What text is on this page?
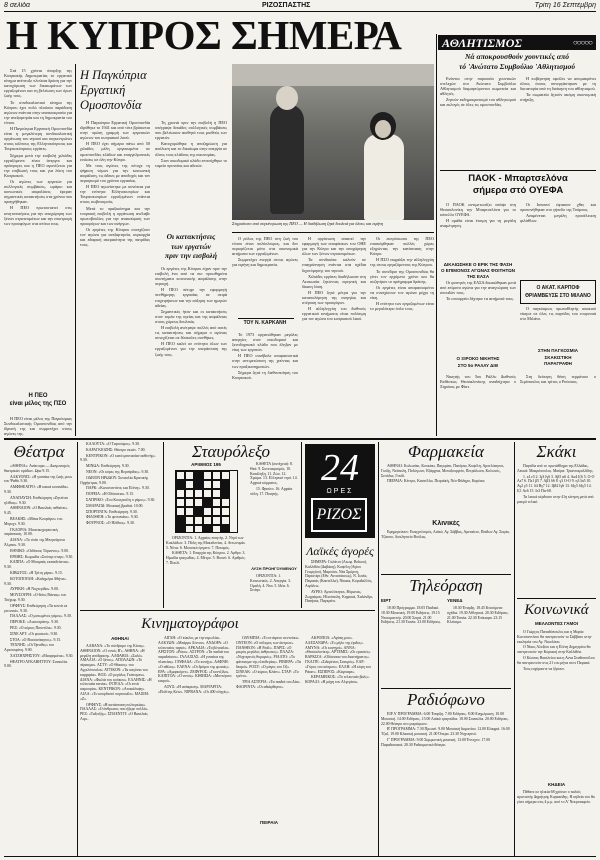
8 σελίδα	ΡΙΖΟΣΠΑΣΤΗΣ	Τρίτη 16 Σεπτέμβρη
Η ΚΥΠΡΟΣ ΣΗΜΕΡΑ	ΑΘΛΗΤΙΣΜΟΣ	○○○○○
Νά αποκρουσθούν χουντικές από
τό 'Ανώτατο Συμβούλιο 'Αθλητισμού

Στά 15 χρόνια ύπαρξης της Κυπριακής Δημοκρατίας το εργατικό κίνημα ανέπτυξε πλούσια δράση για την κατοχύρωση των δικαιωμάτων των εργαζομένων και τη βελτίωση των όρων ζωής τους.

Το συνδικαλιστικό κίνημα της Κύπρου έχει πολύ πλούσια παράδοση αγώνων ενάντια στην αποικιοκρατία για την ανεξαρτησία και τη δημοκρατία του τόπου.

Η Παγκύπρια Εργατική Ομοσπονδία είναι η μεγαλύτερη συνδικαλιστική οργάνωση του νησιού και συγκεντρώνει στους κόλπους της Ελληνοκύπριους και Τουρκοκύπριους εργάτες.

Σήμερα μετά την εισβολή χιλιάδες εργαζόμενοι είναι άνεργοι και πρόσφυγες και η ΠΕΟ αγωνίζεται για την επιβίωσή τους και για λύση του Κυπριακού.

Οι αγώνες των εργατών για συλλογικές συμβάσεις, ωράριο και κοινωνικές ασφαλίσεις έφεραν σημαντικές κατακτήσεις στα χρόνια που προηγήθηκαν.

Η ΠΕΟ πρωτοστατεί στις κινητοποιήσεις για την αποχώρηση των ξένων στρατευμάτων και την επιστροφή των προσφύγων στα σπίτια τους.

Η ΠΕΟ
είναι μέλος της ΠΣΟ

Η ΠΕΟ είναι μέλος της Παγκόσμιας Συνδικαλιστικής Ομοσπονδίας από την ίδρυσή της και συμμετέχει στους αγώνες της.

Η Παγκύπρια
Εργατική
Ομοσπονδία

Η Παγκύπρια Εργατική Ομοσπονδία ιδρύθηκε το 1941 και από τότε βρίσκεται στην πρώτη γραμμή των εργατικών αγώνων του κυπριακού λαού.

Η ΠΕΟ έχει σήμερα πάνω από 50 χιλιάδες μέλη οργανωμένα σε ομοσπονδίες κλάδων και επαγγελματικές ενώσεις σε όλη την Κύπρο.

Με τους αγώνες της πέτυχε τη ψήφιση νόμων για την κοινωνική ασφάλιση, τις άδειες με αποδοχές και τον περιορισμό του χρόνου εργασίας.

Η ΠΕΟ αγωνίστηκε με συνέπεια για την ενότητα Ελληνοκυπρίων και Τουρκοκυπρίων εργαζομένων ενάντια στους σωβινισμούς.

Μετά το πραξικόπημα και την τουρκική εισβολή η οργάνωση ανέλαβε πρωτοβουλίες για την ανακούφιση των προσφύγων και των ανέργων.

Οι εργάτες της Κύπρου συνεχίζουν τον αγώνα για ανεξαρτησία, κυριαρχία και εδαφική ακεραιότητα της πατρίδας τους.

Τη χρονιά πριν την εισβολή η ΠΕΟ υπέγραψε δεκάδες συλλογικές συμβάσεις που βελτίωσαν αισθητά τους μισθούς των εργατών.

Κατοχυρώθηκε η αποζημίωση για απόλυση και το δικαίωμα στην απεργία σε όλους τους κλάδους της οικονομίας.

Στον οικοδομικό κλάδο επιτεύχθηκε το ταμείο προνοίας και αδειών.

Οι κατακτήσεις
των εργατών
πριν την εισβολή

Οι εργάτες της Κύπρου είχαν πριν την εισβολή ένα από τα πιο προωθημένα συστήματα κοινωνικής ασφάλισης στην περιοχή.

Η ΠΕΟ πέτυχε την εφαρμογή πενθήμερης εργασίας σε σειρά επιχειρήσεων και την αύξηση των ημερών αδείας.

Σημαντικές ήταν και οι κατακτήσεις στον τομέα της υγείας και της ασφάλειας στους χώρους δουλειάς.

Η εισβολή ανέτρεψε πολλές από αυτές τις κατακτήσεις και σήμερα ο αγώνας συνεχίζεται σε δύσκολες συνθήκες.

Η ΠΕΟ καλεί σε ενότητα όλων των εργαζομένων για την υπεράσπιση της ζωής τους.

Στιγμιότυπο από συγκέντρωση της ΠΕΟ — Η διαδήλωση ζητά δουλειά για όλους και ειρήνη

Ο ρόλος της ΠΕΟ στη ζωή του τόπου είναι πολύπλευρος, και δεν περιορίζεται μόνο στα οικονομικά αιτήματα των εργαζομένων.

Συμμετέχει ενεργά στους αγώνες για ειρήνη και δημοκρατία.

ΤΟΥ Ν. ΚΑΡΚΑΝΗ

Το 1973 οργανώθηκαν μεγάλες απεργίες στον οικοδομικό και ξενοδοχειακό κλάδο που έληξαν με νίκη των εργατών.

Η ΠΕΟ συνέβαλε αποφασιστικά στην αντιμετώπιση της χούντας και των πραξικοπηματιών.

Σήμερα ζητά τη διεθνοποίηση του Κυπριακού.

Η οργάνωση απαιτεί την εφαρμογή των αποφάσεων του ΟΗΕ για την Κύπρο και την αποχώρηση όλων των ξένων στρατευμάτων.

Τα συνδικάτα καλούν σε επαγρύπνηση ενάντια στα σχέδια διχοτόμησης του νησιού.

Χιλιάδες εργάτες διαδήλωσαν στη Λευκωσία ζητώντας ειρηνική και δίκαιη λύση.

Η ΠΕΟ ζητά μέτρα για την καταπολέμηση της ανεργίας και στέγαση των προσφύγων.

Η αλληλεγγύη του διεθνούς εργατικού κινήματος είναι πολύτιμη για τον αγώνα του κυπριακού λαού.

Οι εκπρόσωποι της ΠΕΟ επισκέφθηκαν πολλές χώρες εξηγώντας την κατάσταση στην Κύπρο.

Η ΠΣΟ εκφράζει την αλληλεγγύη της στους εργαζόμενους της Κύπρου.

Το συνέδριο της Ομοσπονδίας θα γίνει τον ερχόμενο χρόνο και θα συζητήσει το πρόγραμμα δράσης.

Οι εργάτες είναι αποφασισμένοι να συνεχίσουν τον αγώνα μέχρι τη νίκη.

Η ενότητα των εργαζομένων είναι το μεγαλύτερο όπλο τους.

Ενάντια στην παρουσία χουντικών στελεχών στο Ανώτατο Συμβούλιο Αθλητισμού διαμαρτύρονται σωματεία και αθλητές.

Ζητούν εκδημοκρατισμό του αθλητισμού και εκλογές σε όλες τις ομοσπονδίες.

Η κυβέρνηση οφείλει να απομακρύνει όλους όσους συνεργάστηκαν με τη δικτατορία από τη διοίκηση του αθλητισμού.

Τα σωματεία ζητούν ακόμη οικονομική στήριξη.

ΠΑΟΚ - Μπαρτσελόνα
σήμερα στό ΟΥΕΦΑ

Ο ΠΑΟΚ αντιμετωπίζει απόψε στη Θεσσαλονίκη την Μπαρτσελόνα για το κύπελλο ΟΥΕΦΑ.

Η ομάδα είναι έτοιμη για τη μεγάλη αναμέτρηση.

Οι Ισπανοί έφτασαν χθες και προπονήθηκαν στο γήπεδο της Τούμπας.

Αναμένεται μεγάλη προσέλευση φιλάθλων.

ΔΙΚΑΙΩΣΗΚΕ Ο ΕΡΙΚ ΤΗΣ ΦΑΣΗ
Ο ΕΠΙΜΟΝΟΣ ΑΓΩΝΑΣ ΦΟΙΤΗΤΩΝ ΤΗΣ ΕΑΣΑ

Οι φοιτητές της ΕΑΣΑ δικαιώθηκαν μετά από επίμονο αγώνα για την αναγνώριση των σπουδών τους.

Το υπουργείο δέχτηκε τα αιτήματά τους.

Ο ΑΚΑΤ. ΚΑΡΠΟΦ
ΘΡΙΑΜΒΕΥΣΕ ΣΤΟ ΜΙΛΑΝΟ

Ο παγκόσμιος πρωταθλητής σκακιού νίκησε σε όλες τις παρτίδες του τουρνουά στο Μιλάνο.

ΣΤΗΝ ΠΑΓΚΟΣΜΙΑ
ΣΚΑΚΙΣΤΙΚΗ
ΠΑΡΑΓΡΑΦΗ
Ο ΞΙΡΟΚΟ ΝΙΚΗΤΗΣ
ΣΤΟ 5ο ΡΑΛΛΥ ΔΙΘ

Νικητής του 5ου Ράλλυ Διεθνούς Εκθέσεως Θεσσαλονίκης αναδείχτηκε ο Ξηρόκος με Φίατ.

Στη δεύτερη θέση τερμάτισε ο Σιμόπουλος και τρίτος ο Ρούσσος.

Θέατρα

«ΑΘΗΝΑ»: Ανάκτορα — Διαγωνισμός θεατρικών ομάδων. Ωρα 9.15.

ΑΛΚΥΟΝΙΣ: «Η γυναίκα της ζωής μου» του Ψαθά. 9.30.

ΑΜΦΙΘΕΑΤΡΟ: «Η κακιά κουνιάδα». 9.30.

ΑΝΑΠΑΥΣΗ: Επιθεώρηση «Ζητείται ηλίθιος». 9.30.

ΑΘΗΝΑΙΟΝ: «Ο Βασιλιάς πεθαίνει». 9.45.

ΒΕΑΚΗΣ: «Μάνα Κουράγιο» του Μπρεχτ. 9.30.

ΓΚΛΟΡΙΑ: Μουσικοχορευτική παράσταση. 10.00.

ΔΙΑΝΑ: «Το σπίτι της Μπερνάρντα Άλμπα». 9.30.

ΕΘΝΙΚΟ: «Οιδίπους Τύραννος». 9.00.

ΕΡΜΗΣ: Κωμωδία «Σούπερ σταρ». 9.30.

ΚΑΠΠΑ: «Ο Μπαμπάς εκπαιδεύεται». 9.30.

ΚΙΒΩΤΟΣ: «Η Τρίτη μέρα». 9.15.

ΚΟΤΟΠΟΥΛΗ: «Καλημέρα Αθήνα». 9.30.

ΛΥΡΙΚΗ: «Η Νυχτερίδα». 9.00.

ΜΟΥΣΟΥΡΗ: «Ο θείος Βάνιας» του Τσέχωφ. 9.30.

ΟΡΦΕΥΣ: Επιθεώρηση «Τα κοντά σε γειτονιά». 9.30.

ΠΑΛΛΑΣ: «Ο ματωμένος γάμος». 9.30.

ΠΕΡΟΚΕ: «Λυσιστράτη». 9.30.

ΡΕΞ: «Ο κύριος Πουντίλα». 9.30.

ΣΙΝΕ ΑΡΤ: «Οι φυσικοί». 9.30.

ΣΤΟΑ: «Ο Βυσσινόκηπος». 9.15.

ΤΕΧΝΗΣ: «Οι Όρνιθες» του Αριστοφάνη. 9.00.

ΧΑΤΖΗΧΡΗΣΤΟΥ: «Μαυρομάτα». 9.30.

ΘΕΑΤΡΟ ΛΥΚΑΒΗΤΤΟΥ: Συναυλία. 9.00.

ΚΑΛΟΥΤΑ: «Ο Ταρτούφος». 9.30.

ΚΑΡΑΓΚΙΟΖΗΣ: Θέατρο σκιών. 7.00.

ΚΕΝΤΡΙΚΟΝ: «Ο κατά φαντασίαν ασθενής». 9.30.

ΜΙΝΩΑ: Επιθεώρηση. 9.30.

ΝΕΟΝ: «Οι κόρες της Βερνάρδας». 9.30.

ΟΔΕΙΟΝ ΗΡΩΔΟΥ: Συναυλία Κρατικής Ορχήστρας. 9.00.

ΠΑΡΚ: «Κωνσταντίνος και Ελένη». 9.30.

ΠΟΡΕΙΑ: «Η Οδύσσεια». 9.15.

ΣΑΤΙΡΙΚΟ: «Του Κουτρούλη ο γάμος». 9.30.

ΣΜΑΡΑΓΔΙ: Μουσική βραδιά. 10.00.

ΣΠΟΡΤΙΝΓΚ: Επιθεώρηση. 9.30.

ΦΙΛΟΘΕΗ: «Το φιντανάκι». 9.30.

ΦΟΥΡΝΟΣ: «Ο Ηλίθιος». 9.30.

Σταυρόλεξο
ΑΡΙΘΜΟΣ 195

ΟΡΙΖΟΝΤΙΑ: 1. Αρχαίος ποιητής. 2. Νησί των Κυκλάδων. 3. Πόλη της Μακεδονίας. 4. Αντωνυμία. 5. Νότα. 6. Μουσικό όργανο. 7. Ποταμός.

ΚΑΘΕΤΑ: 1. Επαρχία της Κύπρου. 2. Αρθρο. 3. Ηρωίδα τραγωδίας. 4. Μέτρο. 5. Βουνό. 6. Αριθμός. 7. Πουλί.

ΚΑΘΕΤΑ (συνέχεια): 8. Θεά. 9. Συνεταιρισμός. 10. Κατάληξη. 11. Ζώο. 12. Χρώμα. 13. Ελληνικό νησί. 14. Αρχικά κόμματος.

15. Φρούτο. 16. Αρχαία πόλη. 17. Ποιητής.

ΛΥΣΗ ΠΡΟΗΓΟΥΜΕΝΟΥ

ΟΡΙΖΟΝΤΙΑ: 1. Κοινωνικός. 2. Απεργία. 3. Ομαλή. 4. Ντα. 5. Ιδέα. 6. Σιτάρι.

24
ΩΡΕΣ
ΡΙΖΟΣ
Λαϊκές άγορές

ΣΗΜΕΡΑ: Γαλάτσι (Λεωφ. Βεΐκου), Καλλιθέα (Δαβάκη), Κυψέλη (Αγίου Γεωργίου), Μαρούσι, Νέα Σμύρνη, Περιστέρι (Εθν. Αντιστάσεως), Ν. Ιωνία, Πειραιάς (Καστέλλα), Νίκαια, Κορυδαλλός, Αιγάλεω.

ΑΥΡΙΟ: Αμπελόκηποι, Βύρωνας, Ζωγράφου, Ηλιούπολη, Κηφισιά, Χαλάνδρι, Πατήσια, Παγκράτι.

Φαρμακεία

ΑΘΗΝΑΙ: Κολωνάκι, Κουκάκι, Παγκράτι, Πατήσια, Κυψέλη, Αμπελόκηποι, Γκύζη, Νεάπολη, Πολύγωνο, Εξάρχεια, Μεταξουργείο, Πετράλωνα, Κολωνός, Σεπόλια, Γουδί.

ΠΕΙΡΑΙΑ: Κέντρο, Καστέλλα, Πειραϊκή, Νέο Φάληρο, Καμίνια.

Κλινικές

Εφημερεύουν: Ευαγγελισμός, Λαϊκό, Αγ. Σάββας, Αρεταίειο, Παίδων Αγ. Σοφία, Τζάνειο, Ασκληπιείο Βούλας.

Τηλεόραση
ΕΙΡΤ

18.00 Πρόγραμμα. 18.05 Παιδικό. 18.30 Μουσική. 19.00 Ειδήσεις. 19.15 Ντοκιμαντέρ. 20.00 Σειρά. 21.00 Ειδήσεις. 21.30 Ταινία. 23.00 Ειδήσεις.

ΥΕΝΕΔ

18.30 Έναρξη. 18.45 Κινούμενα σχέδια. 19.30 Αθλητικά. 20.30 Ειδήσεις. 21.00 Ταινία. 22.30 Επίκαιρα. 23.15 Κλείσιμο.

Ραδιόφωνο

ΕΙΡ Α' ΠΡΟΓΡΑΜΜΑ: 6.00 Έναρξη. 7.00 Ειδήσεις. 8.00 Ενημέρωση. 10.00 Μουσική. 14.00 Ειδήσεις. 15.00 Λαϊκά τραγούδια. 18.00 Συναυλία. 20.00 Ειδήσεις. 22.00 Θέατρο στο μικρόφωνο.

Β' ΠΡΟΓΡΑΜΜΑ: 7.30 Πρωινό. 9.00 Μουσική δωματίου. 12.00 Ελαφρά. 16.00 Τζαζ. 19.00 Κλασική μουσική. 21.00 Όπερα. 23.30 Νυχτερινό.

Γ' ΠΡΟΓΡΑΜΜΑ: 9.00 Συμφωνική μουσική. 13.00 Έντεχνο. 17.00 Παραδοσιακά. 20.30 Ραδιοφωνικό θέατρο.

Κινηματογράφοι
ΑΘΗΝΑΙ

ΑΑΒΑΝΑ: «Το σύνδρομο της Κίνας». ΑΘΗΝΑΙΟΝ: «Ο νονός Β'». ΑΘΗΝΑ: «Η μεγάλη απόδραση». ΑΛΦΑΒΙΛ: «Σαλό». ΑΜΑΛΙΑ: «Ο ξένος». ΑΠΟΛΛΩΝ: «Το πέρασμα». ΑΣΤΥ: «Ο Θίασος» του Αγγελόπουλου. ΑΤΤΙΚΟΝ: «Τα σαγόνια του καρχαρία». ΒΟΞ: «Ο μεγάλος Γκάτσμπυ». ΔΙΑΝΑ: «Φωλιά του κούκου». ΕΛΛΗΝΙΣ: «Η τελευταία ταινία». ΙΝΤΕΑΛ: «Οι επτά σαμουράι». ΚΕΝΤΡΙΚΟΝ: «Αποκάλυψη». ΛΙΛΑ: «Το κουρδιστό πορτοκάλι». ΜΑΞΙΜ: «Ζ».

ΟΡΦΕΥΣ: «Η κατάσταση πολιορκίας». ΠΑΛΛΑΣ: «Ο άνθρωπος που ήξερε πολλά». ΡΕΞ: «Ταξιτζής». ΣΠΛΕΝΤΙΤ: «Ο Βασιλιάς Λιρ».

ΑΙΓΛΗ: «Ο κύκλος με την κιμωλία». ΑΛΚΥΩΝ: «Μπάρρυ Λίντον». ΑΝΔΟΡΑ: «Ο τελευταίος ταγκό». ΑΡΚΑΔΙΑ: «Τα βότσαλα». ΑΡΙΣΤΟΝ: «Ρόκυ». ΑΣΤΡΟΝ: «Τα παιδιά του παραδείσου». ΓΑΛΑΞΙΑΣ: «Η γυναίκα της πλατείας». ΓΛΥΦΑΔΑ: «Το κυνήγι». ΔΑΦΝΗ: «Ο αθώος». ΕΛΕΝΑ: «Οι δρόμοι της φωτιάς». ΕΡΑ: «Αμαρκόρντ». ΖΕΦΥΡΟΣ: «Γκοντζίλα». ΚΑΠΙΤΟΛ: «Ο νονός». ΚΗΦΙΣΙΑ: «Μοντέρνοι καιροί».

ΛΟΥΞ: «Η ανάκριση». ΜΑΡΓΑΡΙΤΑ: «Πολίτης Κέιν». ΝΙΡΒΑΝΑ: «Οι 400 πληγές».

ΟΛΥΜΠΙΑ: «Το ιπτάμενο σεντούκι». ΟΝΤΕΟΝ: «Ο πόλεμος των άστρων». ΠΑΝΘΕΟΝ: «Η Ρεάλ». ΠΑΡΙΣ: «Ο μικρός μεγάλος άνθρωπος». ΠΛΑΖΑ: «Νυχτερινός θυρωρός». ΡΙΑΛΤΟ: «Το φάντασμα της ελευθερίας». ΡΙΒΙΕΡΑ: «Τα δεσμά». ΡΟΞΥ: «Ο μάγος του Οζ». ΣΙΝΕΑΚ: «Ο κύριος Κλάιν». ΣΤΑΡ: «Το τρένο».

ΤΡΙΑ ΑΣΤΕΡΙΑ: «Τα παιδιά του Δία». ΦΛΟΡΙΝΤΑ: «Οι αδιάφθοροι».

ΑΚΡΟΠΟΛ: «Αγάπη μου». ΑΛΕΞΑΝΔΡΑ: «Το μήλο της έριδος». ΑΜΥΝΑ: «Οι κυνηγοί». ΑΝΝΑ: «Θεσσαλονίκη». ΑΡΤΕΜΙΣ: «Οι εραστές». ΒΑΡΚΙΖΑ: «Οδύσσεια του διαστήματος». ΓΚΑΙΤΕ: «Σιδερένιος Σταυρός». ΕΑΡ: «Γύρος του κόσμου». ΕΛΛΗ: «Η κόρη του Ράιαν». ΕΣΠΕΡΟΣ: «Κάμπαρε».

ΚΕΡΑΜΕΙΚΟΣ: «Το τελευταίο βαλς». ΚΟΡΑΛΙ: «Η μάχη του Αλγερίου».

ΠΕΙΡΑΙΑ
Σκάκι

Παρτίδα από το πρωτάθλημα της Ελλάδας. Λευκά: Μακρόπουλος. Μαύρα: Τριανταφυλλίδης.

1. ε4 ε5 2. Ιγ3 Ιγ6 3. Αβ5 α6 4. Αα4 Ιζ6 5. Ο-Ο Αε7 6. Πε1 β5 7. Αβ3 δ6 8. γ3 Ο-Ο 9. η3 Ια5 10. Αγ2 γ5 11. δ4 Βγ7 12. Ιβδ2 Ιγ6 13. δξγ5 δξγ5 14. Ιζ1 Αε6 15. Ιε3 Πα-δ8.

Τα λευκά κέρδισαν στην 41η κίνηση μετά από μακρύ τελικό.

Κοινωνικά
ΜΕΛΛΟΝΤΕΣ ΓΑΜΟΙ

Ο Γιώργος Παπαδόπουλος και η Μαρία Κωνσταντίνου θα παντρευτούν το Σάββατο στην εκκλησία του Αγ. Νικολάου.

Ο Νίκος Αλεξίου και η Ελένη Δημητρίου θα παντρευτούν την Κυριακή στην Καλλιθέα.

Ο Κώστας Βασιλείου και η Αννα Σταθοπούλου θα παντρευτούν στις 21 του μήνα στον Πειραιά.

Τους ευχόμαστε να ζήσουν.

ΚΗΔΕΙΑ

Πέθανε σε ηλικία 68 χρόνων ο παλιός αγωνιστής Δημήτρης Κυριακίδης. Η κηδεία του θα γίνει σήμερα στις 4 μ.μ. από το Α' Νεκροταφείο.
